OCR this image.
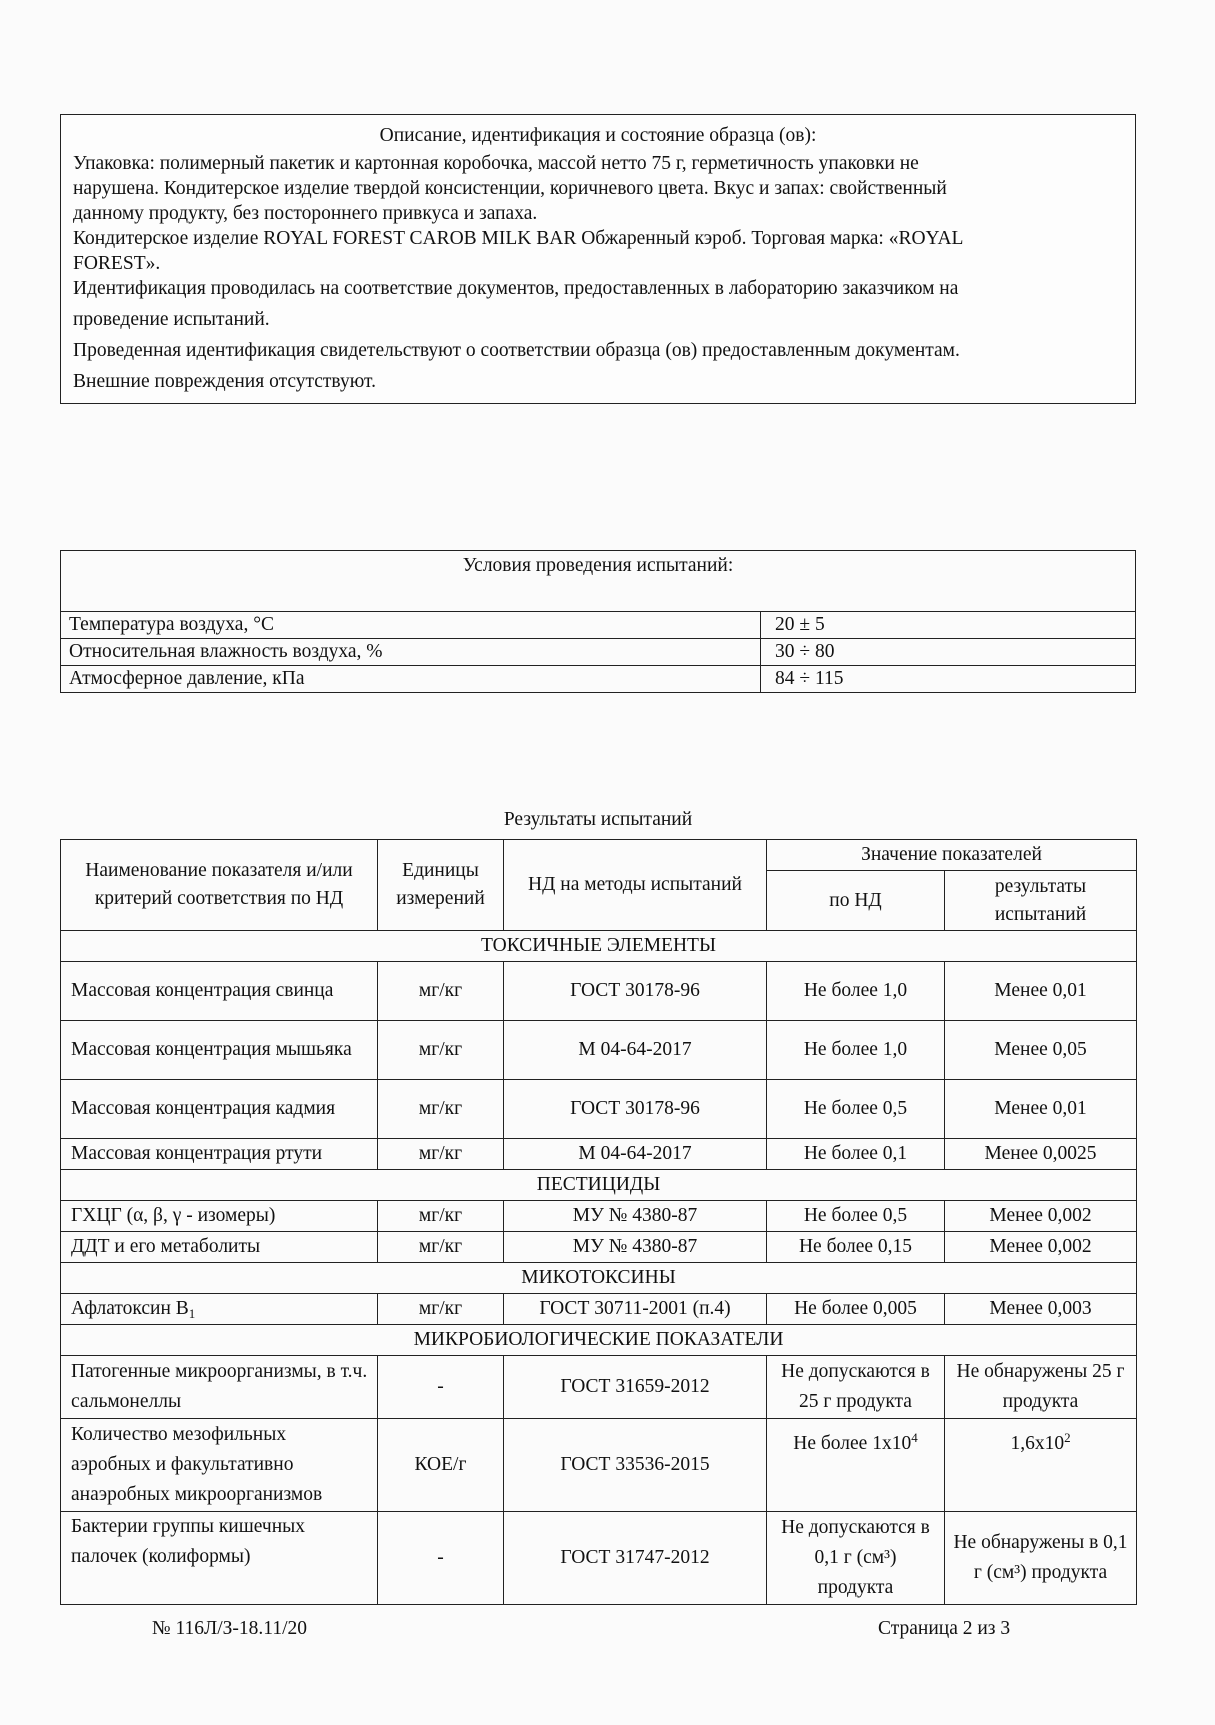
Описание, идентификация и состояние образца (ов):

Упаковка: полимерный пакетик и картонная коробочка, массой нетто 75 г, герметичность упаковки не

нарушена. Кондитерское изделие твердой консистенции, коричневого цвета. Вкус и запах: свойственный

данному продукту, без постороннего привкуса и запаха.

Кондитерское изделие ROYAL FOREST CAROB MILK BAR Обжаренный кэроб. Торговая марка: «ROYAL

FOREST».

Идентификация проводилась на соответствие документов, предоставленных в лабораторию заказчиком на

проведение испытаний.

Проведенная идентификация свидетельствуют о соответствии образца (ов) предоставленным документам.

Внешние повреждения отсутствуют.

Условия проведения испытаний:	
Температура воздуха, °С	20 ± 5
Относительная влажность воздуха, %	30 ÷ 80
Атмосферное давление, кПа	84 ÷ 115
Результаты испытаний
Наименование показателя и/или критерий соответствия по НД	Единицы измерений	НД на методы испытаний	Значение показателей	
			по НД	результаты испытаний
ТОКСИЧНЫЕ ЭЛЕМЕНТЫ				
Массовая концентрация свинца	мг/кг	ГОСТ 30178-96	Не более 1,0	Менее 0,01
Массовая концентрация мышьяка	мг/кг	М 04-64-2017	Не более 1,0	Менее 0,05
Массовая концентрация кадмия	мг/кг	ГОСТ 30178-96	Не более 0,5	Менее 0,01
Массовая концентрация ртути	мг/кг	М 04-64-2017	Не более 0,1	Менее 0,0025
ПЕСТИЦИДЫ				
ГХЦГ (α, β, γ - изомеры)	мг/кг	МУ № 4380-87	Не более 0,5	Менее 0,002
ДДТ и его метаболиты	мг/кг	МУ № 4380-87	Не более 0,15	Менее 0,002
МИКОТОКСИНЫ				
Афлатоксин $B_1$	мг/кг	ГОСТ 30711-2001 (п.4)	Не более 0,005	Менее 0,003
МИКРОБИОЛОГИЧЕСКИЕ ПОКАЗАТЕЛИ				
Патогенные микроорганизмы, в т.ч. сальмонеллы	-	ГОСТ 31659-2012	Не допускаются в 25 г продукта	Не обнаружены 25 г продукта
Количество мезофильных аэробных и факультативно анаэробных микроорганизмов	КОЕ/г	ГОСТ 33536-2015	Не более $1х10^4$	$1,6х10^2$
Бактерии группы кишечных палочек (колиформы)	-	ГОСТ 31747-2012	Не допускаются в 0,1 г (см³) продукта	Не обнаружены в 0,1 г (см³) продукта
№ 116Л/З-18.11/20	Страница 2 из 3
